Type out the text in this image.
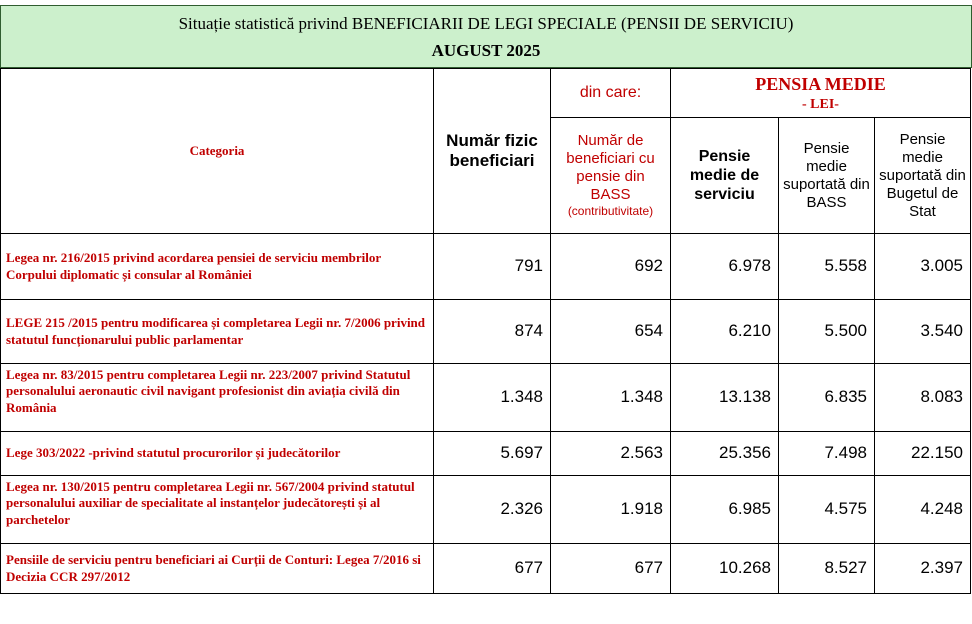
Situație statistică privind BENEFICIARII DE LEGI SPECIALE (PENSII DE SERVICIU)
AUGUST 2025
Categoria	Număr fizic beneficiari	din care:	PENSIA MEDIE
- LEI-		

		Număr de
beneficiari cu
pensie din
BASS
(contributivitate)	Pensie medie de serviciu	Pensie medie suportată din BASS	Pensie medie suportată din Bugetul de Stat
Legea nr. 216/2015 privind acordarea pensiei de serviciu membrilor Corpului diplomatic și consular al României	791	692	6.978	5.558	3.005
LEGE 215 /2015 pentru modificarea și completarea Legii nr. 7/2006 privind statutul funcționarului public parlamentar	874	654	6.210	5.500	3.540
Legea nr. 83/2015 pentru completarea Legii nr. 223/2007 privind Statutul personalului aeronautic civil navigant profesionist din aviația civilă din România	1.348	1.348	13.138	6.835	8.083
Lege 303/2022 -privind statutul procurorilor și judecătorilor	5.697	2.563	25.356	7.498	22.150
Legea nr. 130/2015 pentru completarea Legii nr. 567/2004 privind statutul personalului auxiliar de specialitate al instanțelor judecătorești și al parchetelor	2.326	1.918	6.985	4.575	4.248
Pensiile de serviciu pentru beneficiari ai Curții de Conturi: Legea 7/2016 si Decizia CCR 297/2012	677	677	10.268	8.527	2.397
